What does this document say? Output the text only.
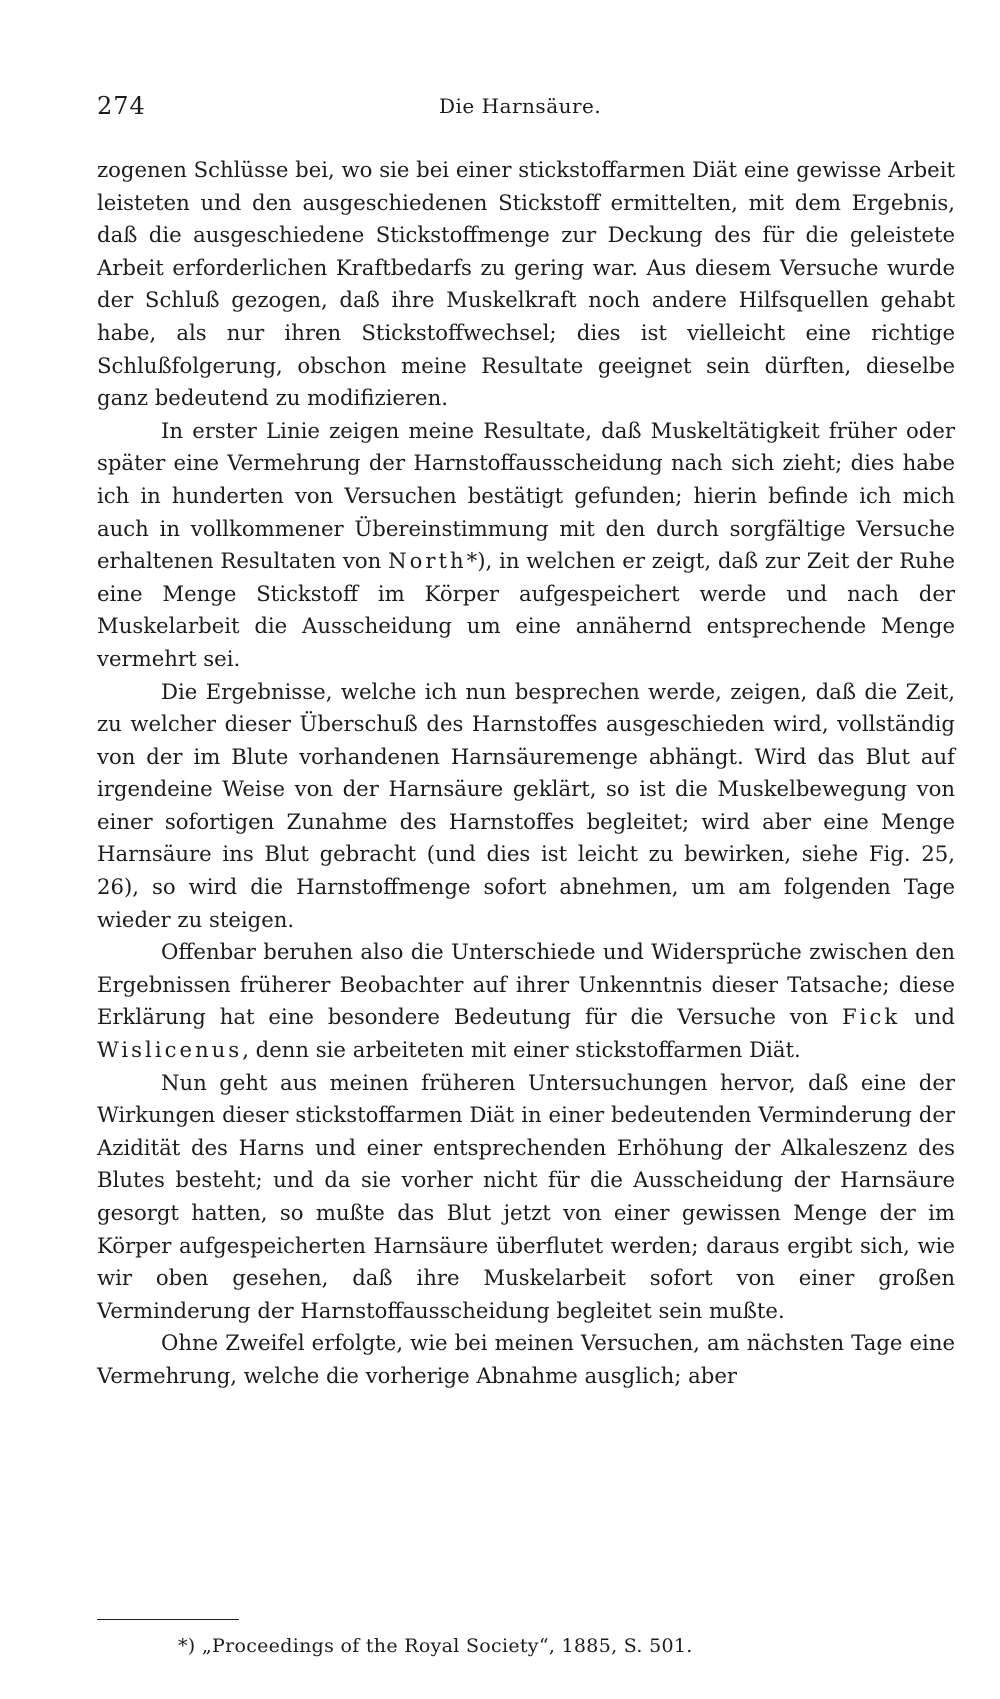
274	Die Harnsäure.

zogenen Schlüsse bei, wo sie bei einer stickstoffarmen Diät eine gewisse Arbeit leisteten und den ausgeschiedenen Stickstoff ermittelten, mit dem Ergebnis, daß die ausgeschiedene Stickstoffmenge zur Deckung des für die geleistete Arbeit erforderlichen Kraftbedarfs zu gering war. Aus diesem Versuche wurde der Schluß gezogen, daß ihre Muskelkraft noch andere Hilfsquellen gehabt habe, als nur ihren Stickstoffwechsel; dies ist vielleicht eine richtige Schlußfolgerung, obschon meine Resultate geeignet sein dürften, dieselbe ganz bedeutend zu modifizieren.

In erster Linie zeigen meine Resultate, daß Muskeltätigkeit früher oder später eine Vermehrung der Harnstoffausscheidung nach sich zieht; dies habe ich in hunderten von Versuchen bestätigt gefunden; hierin befinde ich mich auch in vollkommener Übereinstimmung mit den durch sorgfältige Versuche erhaltenen Resultaten von North*), in welchen er zeigt, daß zur Zeit der Ruhe eine Menge Stickstoff im Körper aufgespeichert werde und nach der Muskelarbeit die Ausscheidung um eine annähernd entsprechende Menge vermehrt sei.

Die Ergebnisse, welche ich nun besprechen werde, zeigen, daß die Zeit, zu welcher dieser Überschuß des Harnstoffes ausgeschieden wird, vollständig von der im Blute vorhandenen Harnsäuremenge abhängt. Wird das Blut auf irgendeine Weise von der Harnsäure geklärt, so ist die Muskelbewegung von einer sofortigen Zunahme des Harnstoffes begleitet; wird aber eine Menge Harnsäure ins Blut gebracht (und dies ist leicht zu bewirken, siehe Fig. 25, 26), so wird die Harnstoffmenge sofort abnehmen, um am folgenden Tage wieder zu steigen.

Offenbar beruhen also die Unterschiede und Widersprüche zwischen den Ergebnissen früherer Beobachter auf ihrer Unkenntnis dieser Tatsache; diese Erklärung hat eine besondere Bedeutung für die Versuche von Fick und Wislicenus, denn sie arbeiteten mit einer stickstoffarmen Diät.

Nun geht aus meinen früheren Untersuchungen hervor, daß eine der Wirkungen dieser stickstoffarmen Diät in einer bedeutenden Verminderung der Azidität des Harns und einer entsprechenden Erhöhung der Alkaleszenz des Blutes besteht; und da sie vorher nicht für die Ausscheidung der Harnsäure gesorgt hatten, so mußte das Blut jetzt von einer gewissen Menge der im Körper aufgespeicherten Harnsäure überflutet werden; daraus ergibt sich, wie wir oben gesehen, daß ihre Muskelarbeit sofort von einer großen Verminderung der Harnstoffausscheidung begleitet sein mußte.

Ohne Zweifel erfolgte, wie bei meinen Versuchen, am nächsten Tage eine Vermehrung, welche die vorherige Abnahme ausglich; aber

*) „Proceedings of the Royal Society“, 1885, S. 501.
